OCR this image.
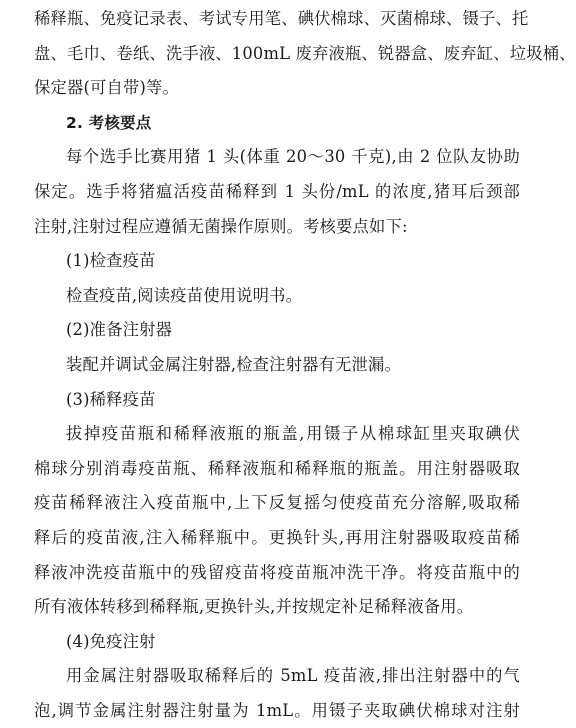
稀释瓶、免疫记录表、考试专用笔、碘伏棉球、灭菌棉球、镊子、托
盘、毛巾、卷纸、洗手液、100mL 废弃液瓶、锐器盒、废弃缸、垃圾桶、
保定器(可自带)等。
2. 考核要点
每个选手比赛用猪 1 头(体重 20～30 千克),由 2 位队友协助
保定。选手将猪瘟活疫苗稀释到 1 头份/mL 的浓度,猪耳后颈部
注射,注射过程应遵循无菌操作原则。考核要点如下:
(1)检查疫苗
检查疫苗,阅读疫苗使用说明书。
(2)准备注射器
装配并调试金属注射器,检查注射器有无泄漏。
(3)稀释疫苗
拔掉疫苗瓶和稀释液瓶的瓶盖,用镊子从棉球缸里夹取碘伏
棉球分别消毒疫苗瓶、稀释液瓶和稀释瓶的瓶盖。用注射器吸取
疫苗稀释液注入疫苗瓶中,上下反复摇匀使疫苗充分溶解,吸取稀
释后的疫苗液,注入稀释瓶中。更换针头,再用注射器吸取疫苗稀
释液冲洗疫苗瓶中的残留疫苗将疫苗瓶冲洗干净。将疫苗瓶中的
所有液体转移到稀释瓶,更换针头,并按规定补足稀释液备用。
(4)免疫注射
用金属注射器吸取稀释后的 5mL 疫苗液,排出注射器中的气
泡,调节金属注射器注射量为 1mL。用镊子夹取碘伏棉球对注射
